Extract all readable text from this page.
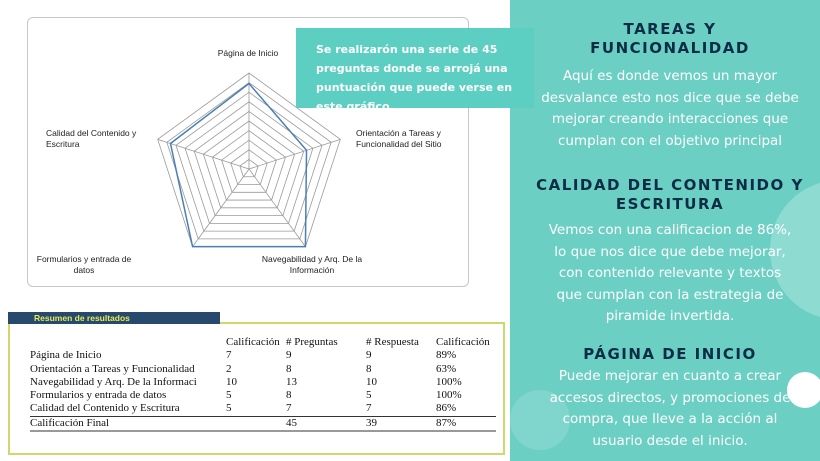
Página de Inicio
Orientación a Tareas y
Funcionalidad del Sitio
Navegabilidad y Arq. De la
Información
Formularios y entrada de
datos
Calidad del Contenido y
Escritura
Se realizarón una serie de 45 preguntas donde se arrojá una puntuación que puede verse en este gráfico
Resumen de resultados
	Calificación	# Preguntas	# Respuesta	Calificación
Página de Inicio	7	9	9	89%
Orientación a Tareas y Funcionalidad	2	8	8	63%
Navegabilidad y Arq. De la Informaci	10	13	10	100%
Formularios y entrada de datos	5	8	5	100%
Calidad del Contenido y Escritura	5	7	7	86%
Calificación Final		45	39	87%
TAREAS Y
FUNCIONALIDAD
Aquí es donde vemos un mayor
desvalance esto nos dice que se debe
mejorar creando interacciones que
cumplan con el objetivo principal
CALIDAD DEL CONTENIDO Y
ESCRITURA
Vemos con una calificacion de 86%,
lo que nos dice que debe mejorar,
con contenido relevante y textos
que cumplan con la estrategia de
piramide invertida.
PÁGINA DE INICIO
Puede mejorar en cuanto a crear
accesos directos, y promociones de
compra, que lleve a la acción al
usuario desde el inicio.
